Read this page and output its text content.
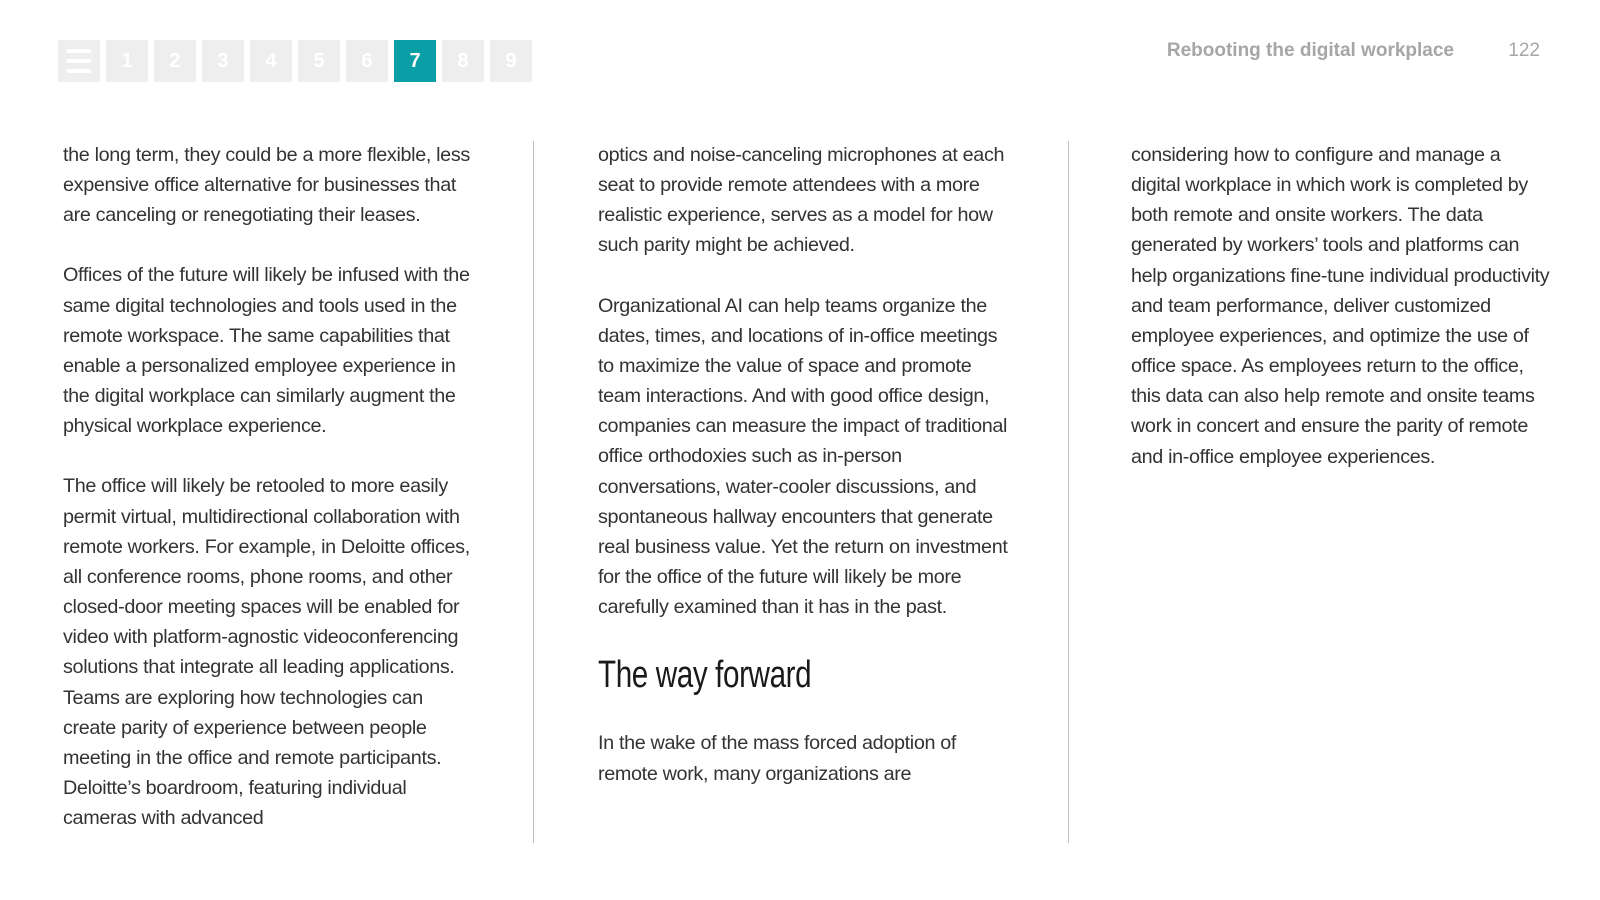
1	2	3	4	5	6	7	8	9	Rebooting the digital workplace	122

the long term, they could be a more flexible, less expensive office alternative for businesses that are canceling or renegotiating their leases.

Offices of the future will likely be infused with the same digital technologies and tools used in the remote workspace. The same capabilities that enable a personalized employee experience in the digital workplace can similarly augment the physical workplace experience.

The office will likely be retooled to more easily permit virtual, multidirectional collaboration with remote workers. For example, in Deloitte offices, all conference rooms, phone rooms, and other closed-door meeting spaces will be enabled for video with platform-agnostic videoconferencing solutions that integrate all leading applications. Teams are exploring how technologies can create parity of experience between people meeting in the office and remote participants. Deloitte’s boardroom, featuring individual cameras with advanced

optics and noise-canceling microphones at each seat to provide remote attendees with a more realistic experience, serves as a model for how such parity might be achieved.

Organizational AI can help teams organize the dates, times, and locations of in-office meetings to maximize the value of space and promote team interactions. And with good office design, companies can measure the impact of traditional office orthodoxies such as in-person conversations, water-cooler discussions, and spontaneous hallway encounters that generate real business value. Yet the return on investment for the office of the future will likely be more carefully examined than it has in the past.

The way forward

In the wake of the mass forced adoption of remote work, many organizations are

considering how to configure and manage a digital workplace in which work is completed by both remote and onsite workers. The data generated by workers’ tools and platforms can help organizations fine-tune individual productivity and team performance, deliver customized employee experiences, and optimize the use of office space. As employees return to the office, this data can also help remote and onsite teams work in concert and ensure the parity of remote and in-office employee experiences.
